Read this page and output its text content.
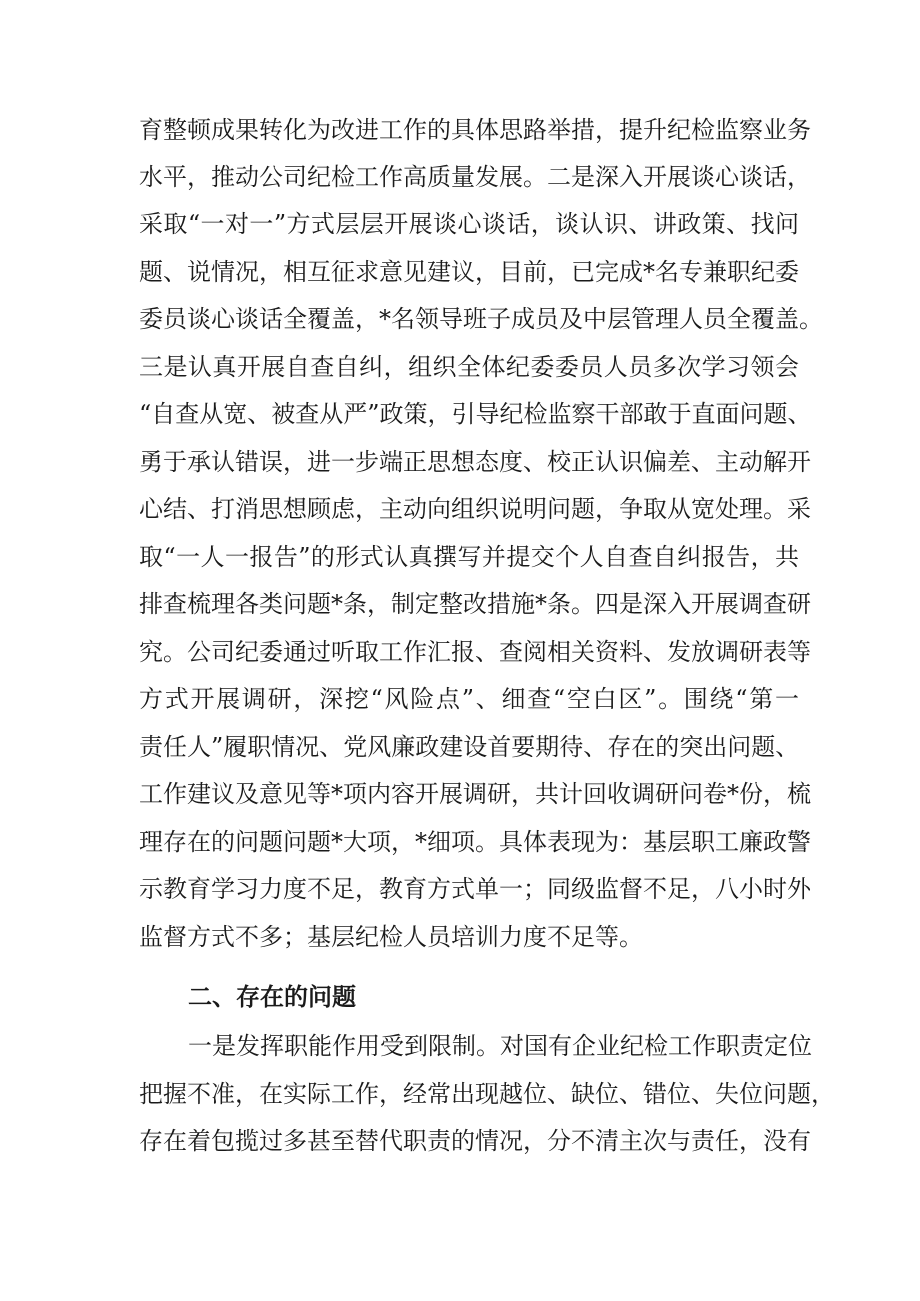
育整顿成果转化为改进工作的具体思路举措，提升纪检监察业务
水平，推动公司纪检工作高质量发展。二是深入开展谈心谈话，
采取“一对一”方式层层开展谈心谈话，谈认识、讲政策、找问
题、说情况，相互征求意见建议，目前，已完成*名专兼职纪委
委员谈心谈话全覆盖，*名领导班子成员及中层管理人员全覆盖。
三是认真开展自查自纠，组织全体纪委委员人员多次学习领会
“自查从宽、被查从严”政策，引导纪检监察干部敢于直面问题、
勇于承认错误，进一步端正思想态度、校正认识偏差、主动解开
心结、打消思想顾虑，主动向组织说明问题，争取从宽处理。采
取“一人一报告”的形式认真撰写并提交个人自查自纠报告，共
排查梳理各类问题*条，制定整改措施*条。四是深入开展调查研
究。公司纪委通过听取工作汇报、查阅相关资料、发放调研表等
方式开展调研，深挖“风险点”、细查“空白区”。围绕“第一
责任人”履职情况、党风廉政建设首要期待、存在的突出问题、
工作建议及意见等*项内容开展调研，共计回收调研问卷*份，梳
理存在的问题问题*大项，*细项。具体表现为：基层职工廉政警
示教育学习力度不足，教育方式单一；同级监督不足，八小时外
监督方式不多；基层纪检人员培训力度不足等。
二、存在的问题
一是发挥职能作用受到限制。对国有企业纪检工作职责定位
把握不准，在实际工作，经常出现越位、缺位、错位、失位问题，
存在着包揽过多甚至替代职责的情况，分不清主次与责任，没有
